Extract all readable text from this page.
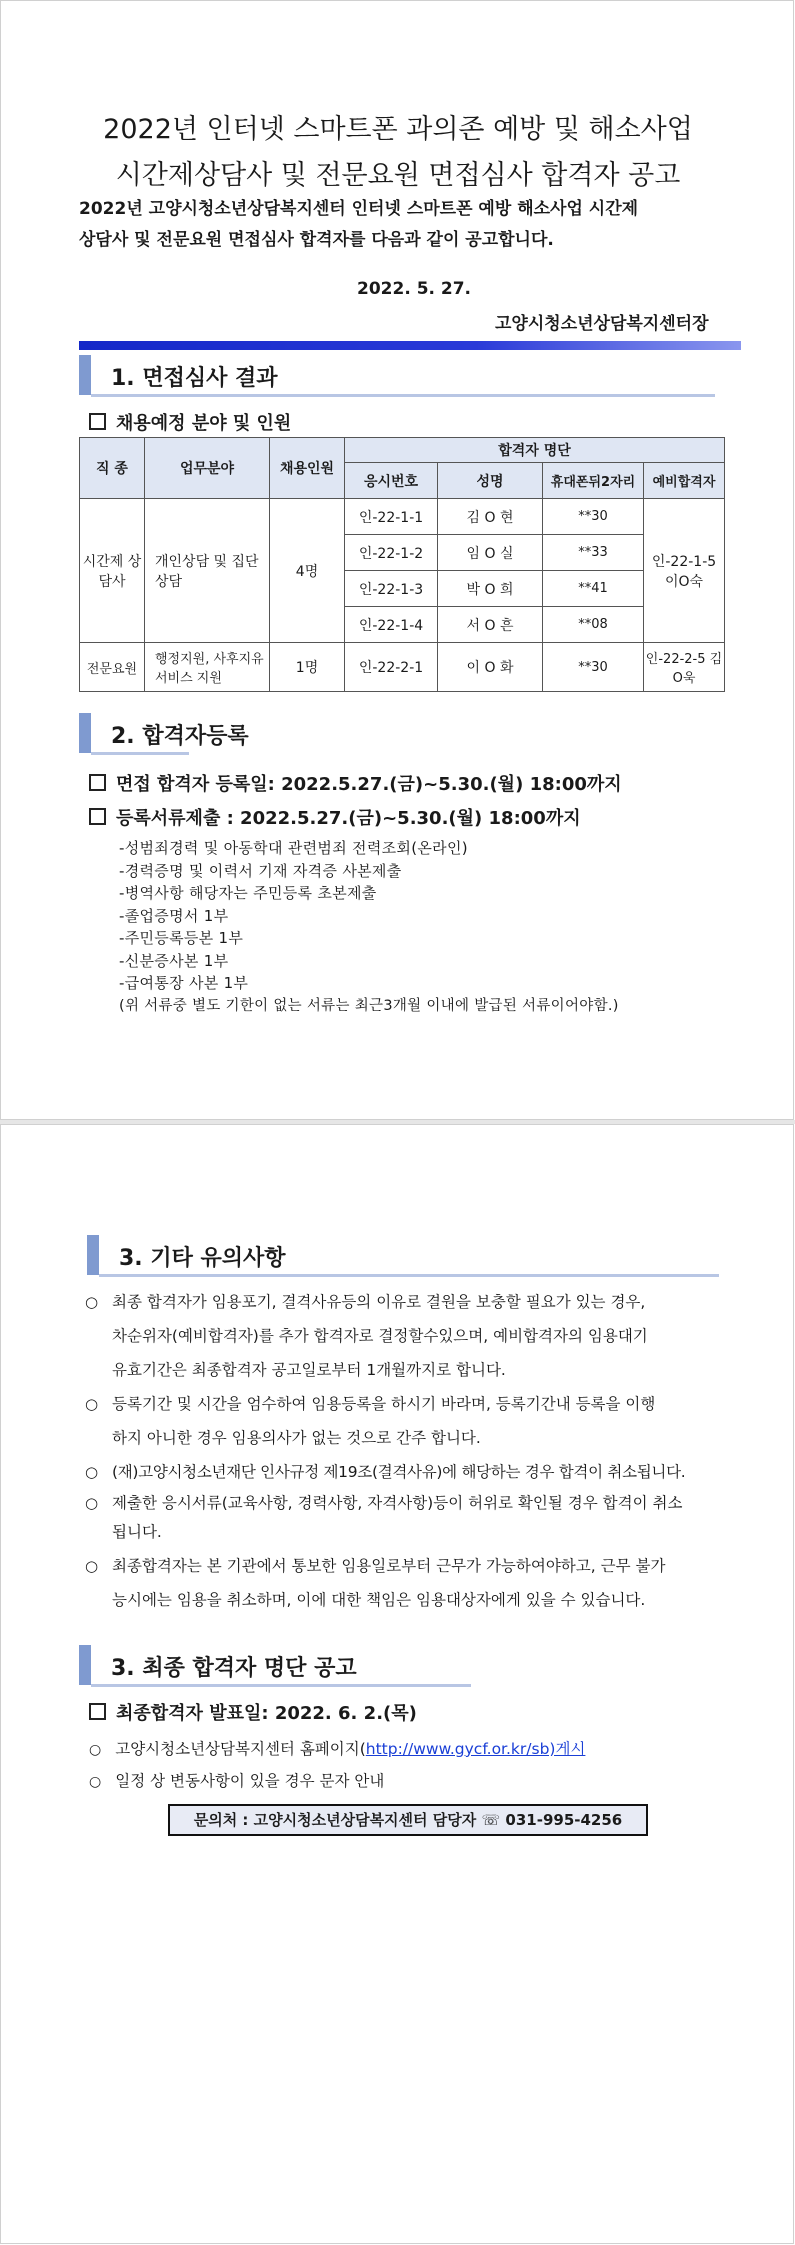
2022년 인터넷 스마트폰 과의존 예방 및 해소사업
시간제상담사 및 전문요원 면접심사 합격자 공고
2022년 고양시청소년상담복지센터 인터넷 스마트폰 예방 해소사업 시간제
상담사 및 전문요원 면접심사 합격자를 다음과 같이 공고합니다.
2022. 5. 27.
고양시청소년상담복지센터장
1. 면접심사 결과
채용예정 분야 및 인원
직 종	업무분야	채용인원	합격자 명단			
			응시번호	성명	휴대폰뒤2자리	예비합격자
시간제 상담사	개인상담 및 집단상담	4명	인-22-1-1	김 O 현	**30	인-22-1-5 이O숙
			인-22-1-2	임 O 실	**33	
			인-22-1-3	박 O 희	**41	
			인-22-1-4	서 O 흔	**08	
전문요원	행정지원, 사후지유 서비스 지원	1명	인-22-2-1	이 O 화	**30	인-22-2-5 김O욱
2. 합격자등록
면접 합격자 등록일: 2022.5.27.(금)~5.30.(월) 18:00까지
등록서류제출 : 2022.5.27.(금)~5.30.(월) 18:00까지
-성범죄경력 및 아동학대 관련범죄 전력조회(온라인)
-경력증명 및 이력서 기재 자격증 사본제출
-병역사항 해당자는 주민등록 초본제출
-졸업증명서 1부
-주민등록등본 1부
-신분증사본 1부
-급여통장 사본 1부
(위 서류중 별도 기한이 없는 서류는 최근3개월 이내에 발급된 서류이어야함.)
3. 기타 유의사항
○ 최종 합격자가 임용포기, 결격사유등의 이유로 결원을 보충할 필요가 있는 경우,
차순위자(예비합격자)를 추가 합격자로 결정할수있으며, 예비합격자의 임용대기
유효기간은 최종합격자 공고일로부터 1개월까지로 합니다.
○ 등록기간 및 시간을 엄수하여 임용등록을 하시기 바라며, 등록기간내 등록을 이행
하지 아니한 경우 임용의사가 없는 것으로 간주 합니다.
○ (재)고양시청소년재단 인사규정 제19조(결격사유)에 해당하는 경우 합격이 취소됩니다.
○ 제출한 응시서류(교육사항, 경력사항, 자격사항)등이 허위로 확인될 경우 합격이 취소
됩니다.
○ 최종합격자는 본 기관에서 통보한 임용일로부터 근무가 가능하여야하고, 근무 불가
능시에는 임용을 취소하며, 이에 대한 책임은 임용대상자에게 있을 수 있습니다.
3. 최종 합격자 명단 공고
최종합격자 발표일: 2022. 6. 2.(목)
○ 고양시청소년상담복지센터 홈페이지(http://www.gycf.or.kr/sb)게시
○ 일정 상 변동사항이 있을 경우 문자 안내
문의처 : 고양시청소년상담복지센터 담당자 ☏ 031-995-4256
